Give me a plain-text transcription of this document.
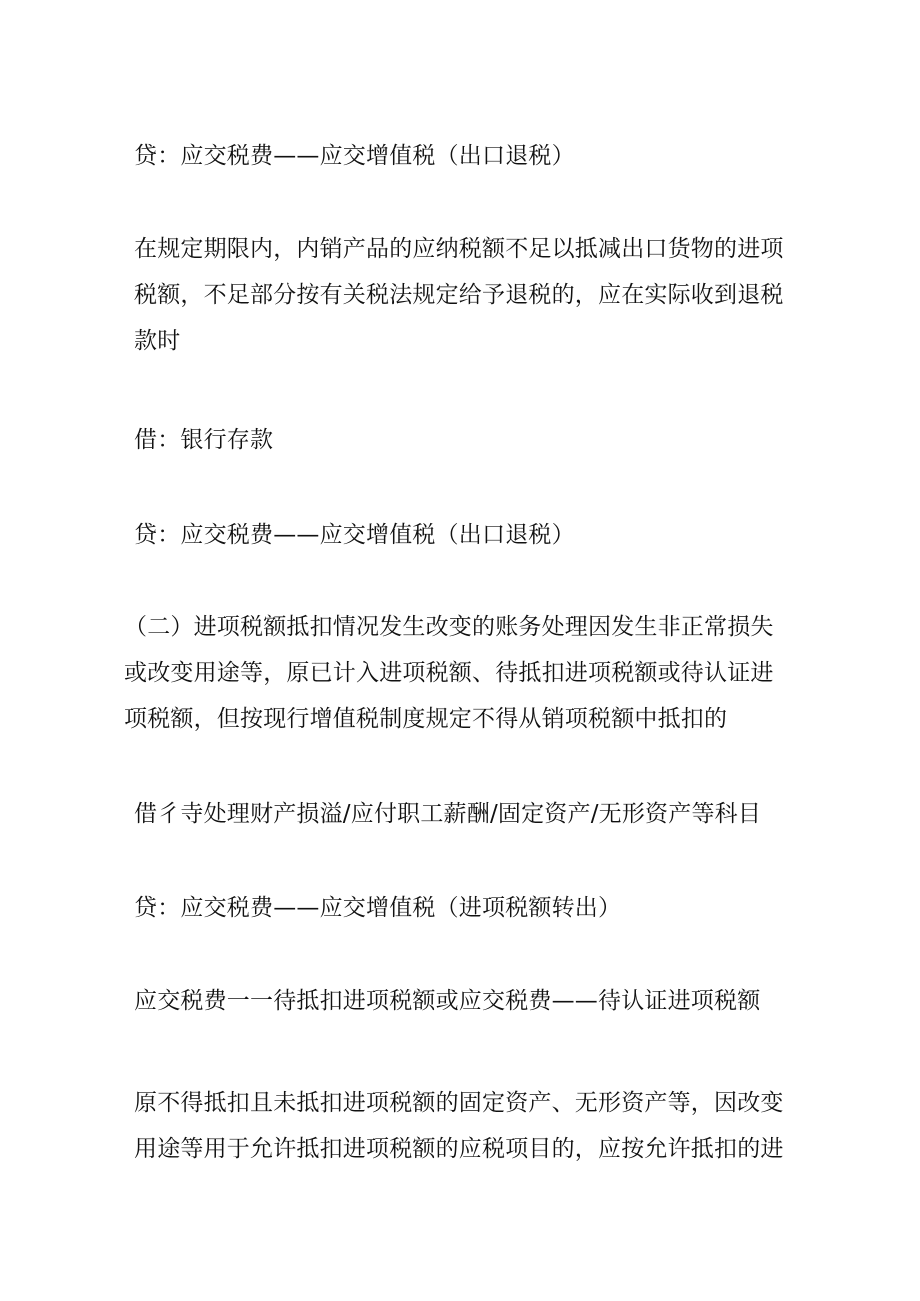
贷：应交税费——应交增值税（出口退税）

在规定期限内，内销产品的应纳税额不足以抵减出口货物的进项税额，不足部分按有关税法规定给予退税的，应在实际收到退税款时

借：银行存款

贷：应交税费——应交增值税（出口退税）

（二）进项税额抵扣情况发生改变的账务处理因发生非正常损失或改变用途等，原已计入进项税额、待抵扣进项税额或待认证进项税额，但按现行增值税制度规定不得从销项税额中抵扣的

借彳寺处理财产损溢/应付职工薪酬/固定资产/无形资产等科目

贷：应交税费——应交增值税（进项税额转出）

应交税费一一待抵扣进项税额或应交税费——待认证进项税额

原不得抵扣且未抵扣进项税额的固定资产、无形资产等，因改变用途等用于允许抵扣进项税额的应税项目的，应按允许抵扣的进
